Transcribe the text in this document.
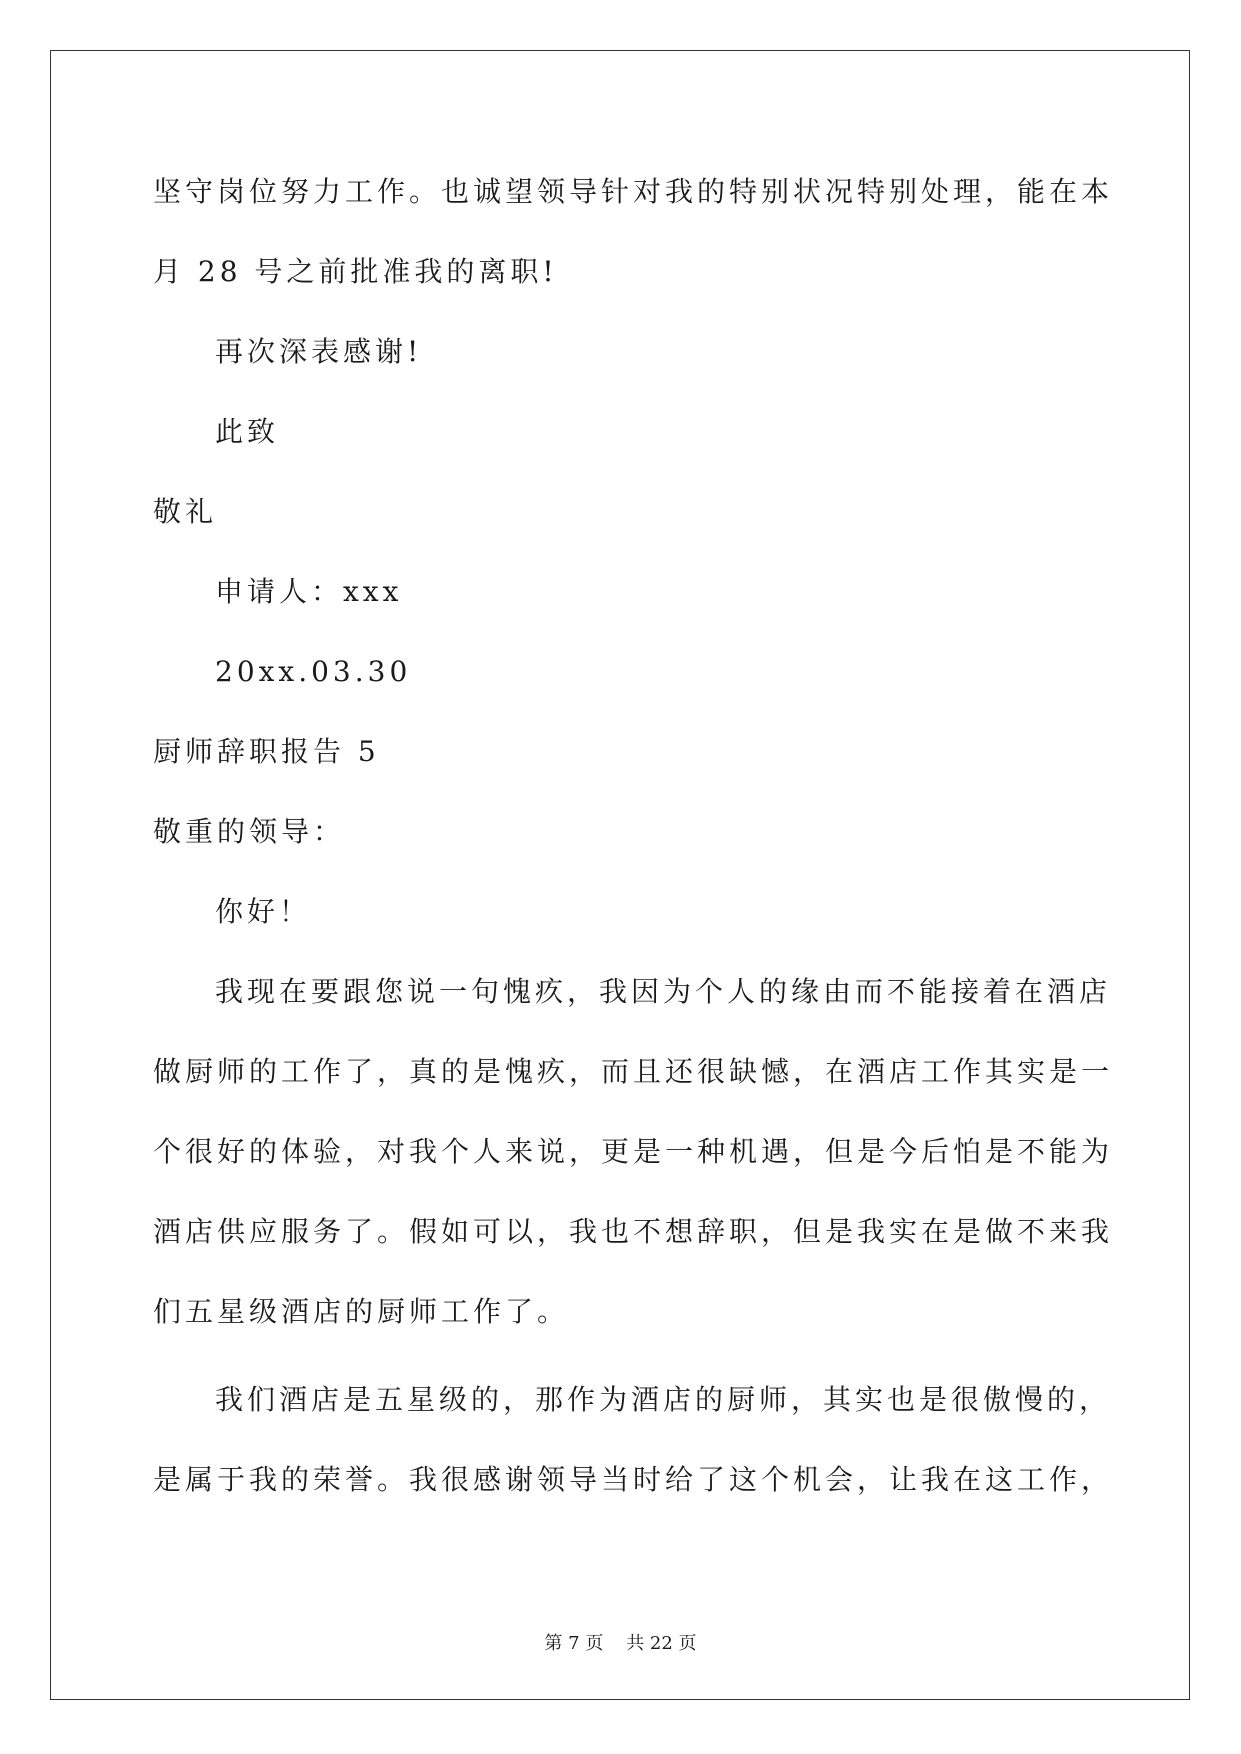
坚守岗位努力工作。也诚望领导针对我的特别状况特别处理，能在本
月 28 号之前批准我的离职!
再次深表感谢!
此致
敬礼
申请人：xxx
20xx.03.30
厨师辞职报告 5
敬重的领导：
你好！
我现在要跟您说一句愧疚，我因为个人的缘由而不能接着在酒店
做厨师的工作了，真的是愧疚，而且还很缺憾，在酒店工作其实是一
个很好的体验，对我个人来说，更是一种机遇，但是今后怕是不能为
酒店供应服务了。假如可以，我也不想辞职，但是我实在是做不来我
们五星级酒店的厨师工作了。
我们酒店是五星级的，那作为酒店的厨师，其实也是很傲慢的，
是属于我的荣誉。我很感谢领导当时给了这个机会，让我在这工作，
第 7 页    共 22 页
